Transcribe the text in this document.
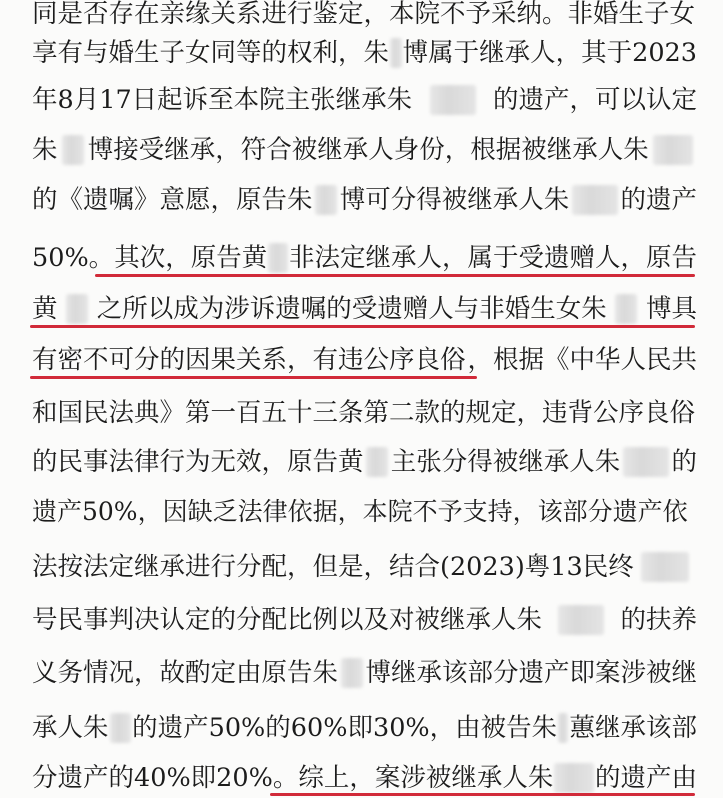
同是否存在亲缘关系进行鉴定，本院不予采纳。非婚生子女
享有与婚生子女同等的权利，朱 博属于继承人，其于2023
年8月17日起诉至本院主张继承朱	的遗产，可以认定
朱 博接受继承，符合被继承人身份，根据被继承人朱
的《遗嘱》意愿，原告朱 博可分得被继承人朱 的遗产
50%。 其次，原告黄 非法定继承人，属于受遗赠人，原告
黄 之所以成为涉诉遗嘱的受遗赠人与非婚生女朱 博具
有密不可分的因果关系，有违公序良俗 ，根据《中华人民共
和国民法典》第一百五十三条第二款的规定，违背公序良俗
的民事法律行为无效，原告黄 主张分得被继承人朱 的
遗产50%，因缺乏法律依据，本院不予支持，该部分遗产依
法按法定继承进行分配，但是，结合(2023)粤13民终
号民事判决认定的分配比例以及对被继承人朱	的扶养
义务情况，故酌定由原告朱 博继承该部分遗产即案涉被继
承人朱 的遗产50%的60%即30%，由被告朱 蕙继承该部
分遗产的40%即20%。 综上，案涉被继承人朱 的遗产由
